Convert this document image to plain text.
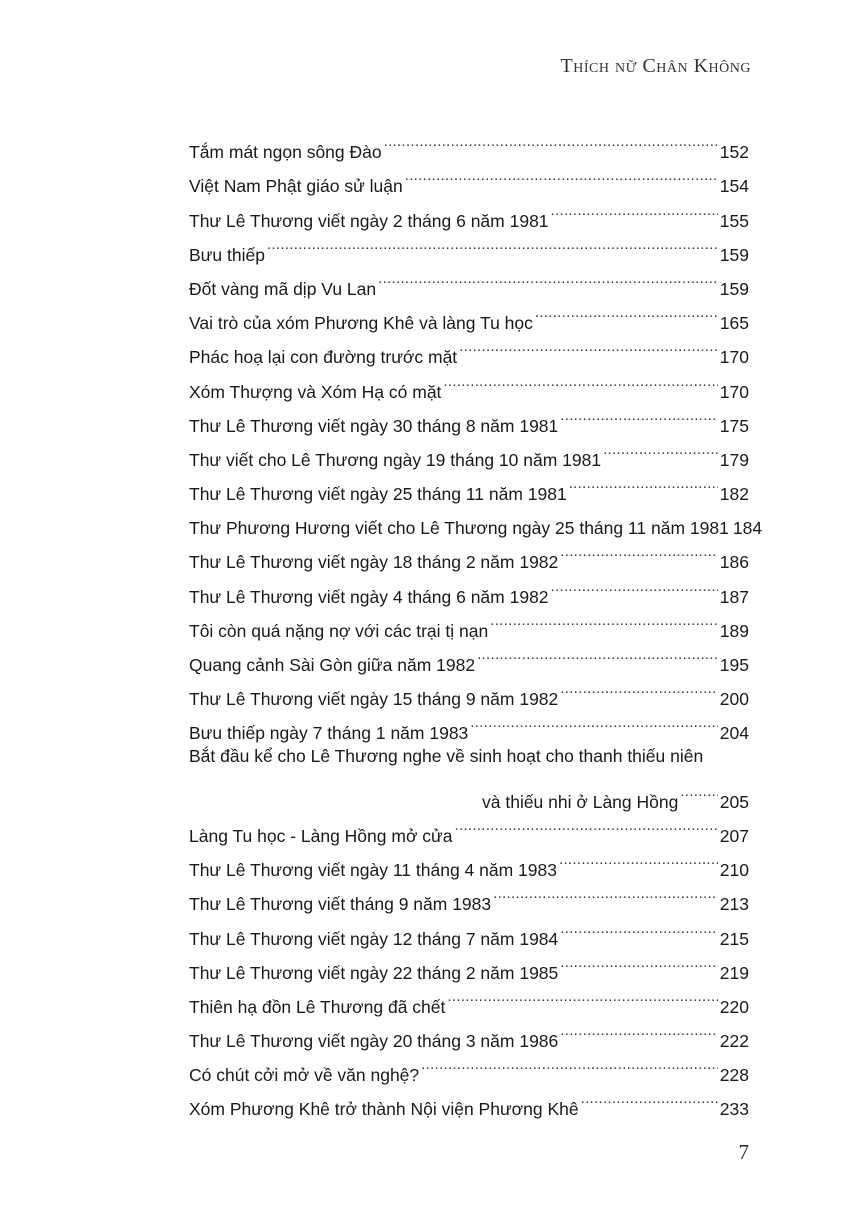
Thích nữ Chân Không
Tắm mát ngọn sông Đào .....	152
Việt Nam Phật giáo sử luận .....	154
Thư Lê Thương viết ngày 2 tháng 6 năm 1981 .....	155
Bưu thiếp .....	159
Đốt vàng mã dịp Vu Lan .....	159
Vai trò của xóm Phương Khê và làng Tu học .....	165
Phác hoạ lại con đường trước mặt .....	170
Xóm Thượng và Xóm Hạ có mặt .....	170
Thư Lê Thương viết ngày 30 tháng 8 năm 1981 .....	175
Thư viết cho Lê Thương ngày 19 tháng 10 năm 1981 .....	179
Thư Lê Thương viết ngày 25 tháng 11 năm 1981 .....	182
Thư Phương Hương viết cho Lê Thương ngày 25 tháng 11 năm 1981 184
Thư Lê Thương viết ngày 18 tháng 2 năm 1982 .....	186
Thư Lê Thương viết ngày 4 tháng 6 năm 1982 .....	187
Tôi còn quá nặng nợ với các trại tị nạn .....	189
Quang cảnh Sài Gòn giữa năm 1982 .....	195
Thư Lê Thương viết ngày 15 tháng 9 năm 1982 .....	200
Bưu thiếp ngày 7 tháng 1 năm 1983 .....	204
Bắt đầu kể cho Lê Thương nghe về sinh hoạt cho thanh thiếu niên
và thiếu nhi ở Làng Hồng ..... 205
Làng Tu học - Làng Hồng mở cửa .....	207
Thư Lê Thương viết ngày 11 tháng 4 năm 1983 .....	210
Thư Lê Thương viết tháng 9 năm 1983 .....	213
Thư Lê Thương viết ngày 12 tháng 7 năm 1984 .....	215
Thư Lê Thương viết ngày 22 tháng 2 năm 1985 .....	219
Thiên hạ đồn Lê Thương đã chết .....	220
Thư Lê Thương viết ngày 20 tháng 3 năm 1986 .....	222
Có chút cởi mở về văn nghệ? .....	228
Xóm Phương Khê trở thành Nội viện Phương Khê .....	233
7
